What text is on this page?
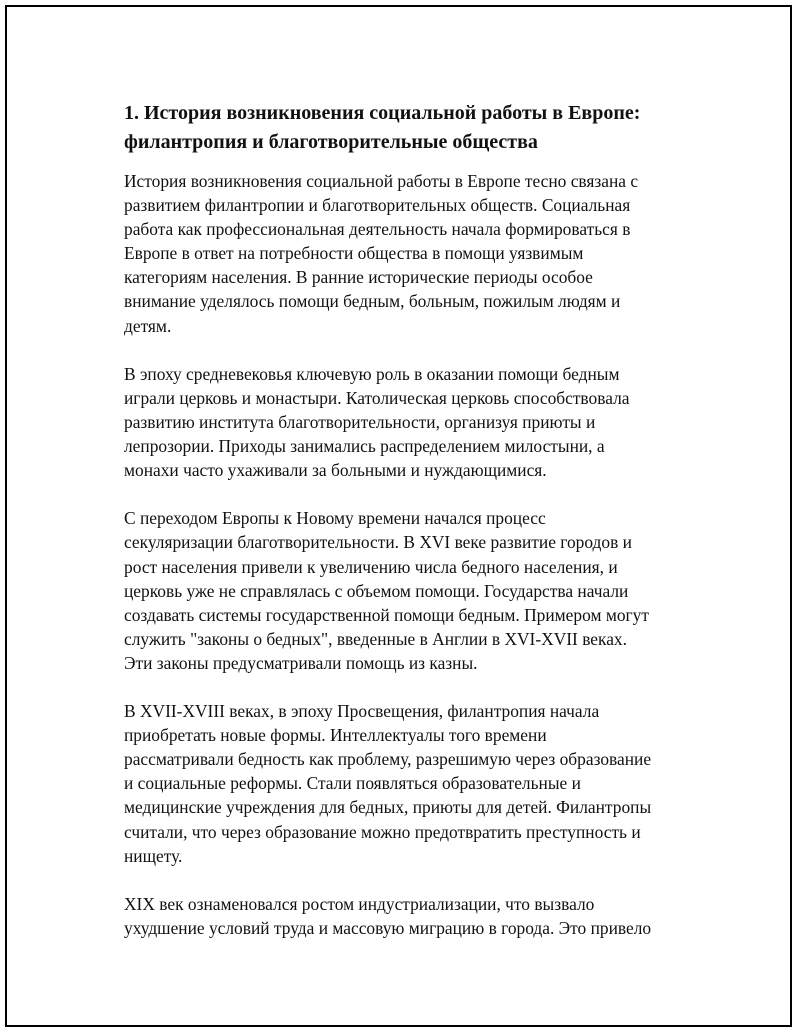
1. История возникновения социальной работы в Европе:
филантропия и благотворительные общества

История возникновения социальной работы в Европе тесно связана с
развитием филантропии и благотворительных обществ. Социальная
работа как профессиональная деятельность начала формироваться в
Европе в ответ на потребности общества в помощи уязвимым
категориям населения. В ранние исторические периоды особое
внимание уделялось помощи бедным, больным, пожилым людям и
детям.

В эпоху средневековья ключевую роль в оказании помощи бедным
играли церковь и монастыри. Католическая церковь способствовала
развитию института благотворительности, организуя приюты и
лепрозории. Приходы занимались распределением милостыни, а
монахи часто ухаживали за больными и нуждающимися.

С переходом Европы к Новому времени начался процесс
секуляризации благотворительности. В XVI веке развитие городов и
рост населения привели к увеличению числа бедного населения, и
церковь уже не справлялась с объемом помощи. Государства начали
создавать системы государственной помощи бедным. Примером могут
служить "законы о бедных", введенные в Англии в XVI-XVII веках.
Эти законы предусматривали помощь из казны.

В XVII-XVIII веках, в эпоху Просвещения, филантропия начала
приобретать новые формы. Интеллектуалы того времени
рассматривали бедность как проблему, разрешимую через образование
и социальные реформы. Стали появляться образовательные и
медицинские учреждения для бедных, приюты для детей. Филантропы
считали, что через образование можно предотвратить преступность и
нищету.

XIX век ознаменовался ростом индустриализации, что вызвало
ухудшение условий труда и массовую миграцию в города. Это привело
